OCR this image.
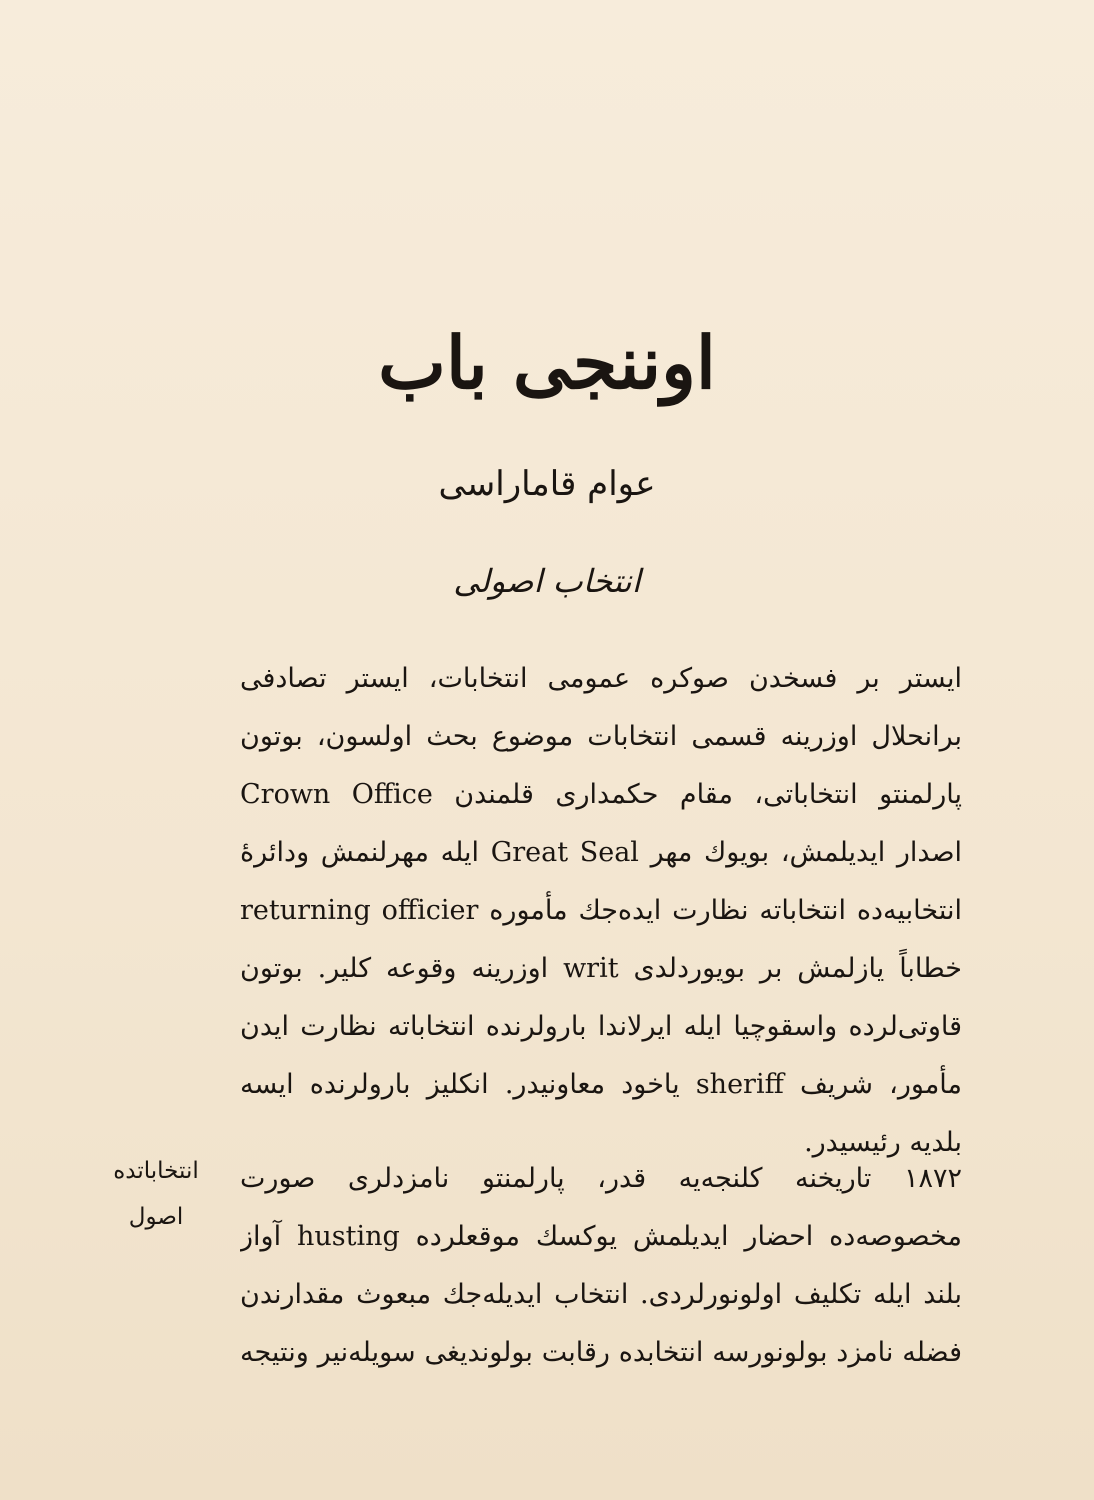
اوننجی باب
عوام قاماراسی
انتخاب اصولی
ایستر بر فسخدن صوکره عمومی انتخابات، ایستر تصادفی
برانحلال اوزرینه قسمی انتخابات موضوع بحث اولسون، بوتون
پارلمنتو انتخاباتی، مقام حکمداری قلمندن Crown Office
اصدار ایدیلمش، بویوك مهر Great Seal ایله مهرلنمش ودائرهٔ
انتخابیه‌ده انتخاباته نظارت ایده‌جك مأموره returning officier
خطاباً یازلمش بر بویوردلدی writ اوزرینه وقوعه کلیر. بوتون
قاوتی‌لرده واسقوچیا ایله ایرلاندا بارولرنده انتخاباته نظارت ایدن
مأمور، شریف sheriff یاخود معاونیدر. انکلیز بارولرنده ایسه
بلدیه رئیسیدر.
انتخاباتده
اصول
۱۸۷۲ تاریخنه کلنجه‌یه قدر، پارلمنتو نامزدلری صورت
مخصوصه‌ده احضار ایدیلمش یوکسك موقعلرده husting آواز
بلند ایله تکلیف اولونورلردی. انتخاب ایدیله‌جك مبعوث مقدارندن
فضله نامزد بولونورسه انتخابده رقابت بولوندیغی سویله‌نیر ونتیجه
